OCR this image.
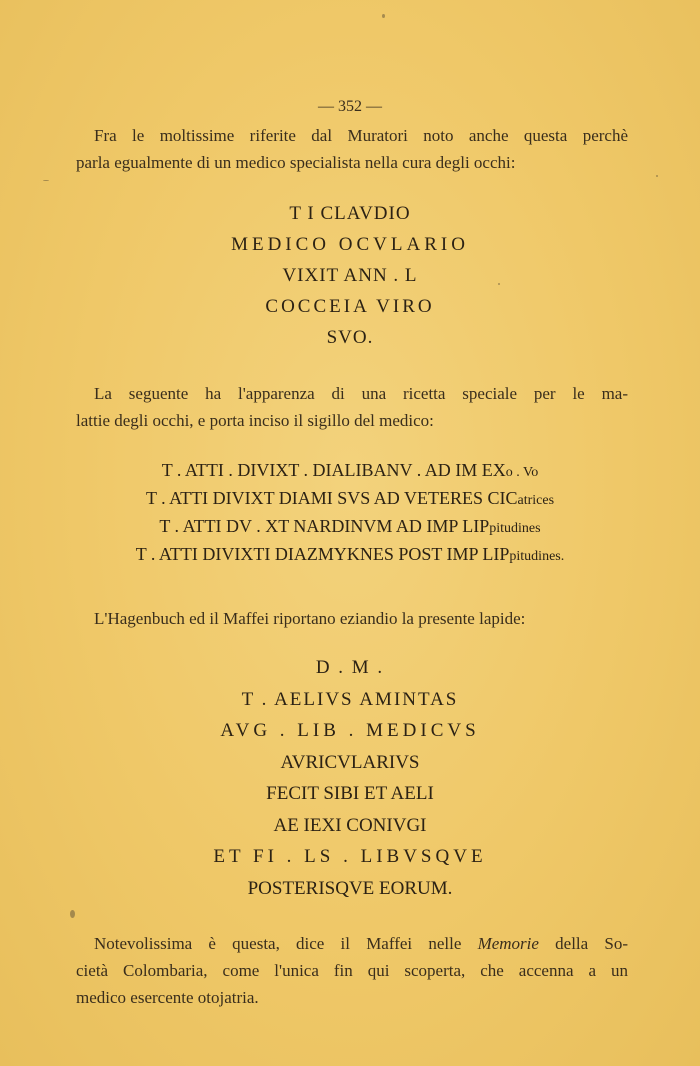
— 352 —
Fra le moltissime riferite dal Muratori noto anche questa perchè
parla egualmente di un medico specialista nella cura degli occhi:
T I CLAVDIO
MEDICO OCVLARIO
VIXIT ANN . L
COCCEIA VIRO
SVO.
La seguente ha l'apparenza di una ricetta speciale per le ma-
lattie degli occhi, e porta inciso il sigillo del medico:
T . ATTI . DIVIXT . DIALIBANV . AD IM EXo . Vo
T . ATTI DIVIXT DIAMI SVS AD VETERES CICatrices
T . ATTI DV . XT NARDINVM AD IMP LIPpitudines
T . ATTI DIVIXTI DIAZMYKNES POST IMP LIPpitudines.
L'Hagenbuch ed il Maffei riportano eziandio la presente lapide:
D . M .
T . AELIVS AMINTAS
AVG . LIB . MEDICVS
AVRICVLARIVS
FECIT SIBI ET AELI
AE IEXI CONIVGI
ET FI . LS . LIBVSQVE
POSTERISQVE EORUM.
Notevolissima è questa, dice il Maffei nelle Memorie della So-
cietà Colombaria, come l'unica fin qui scoperta, che accenna a un
medico esercente otojatria.
